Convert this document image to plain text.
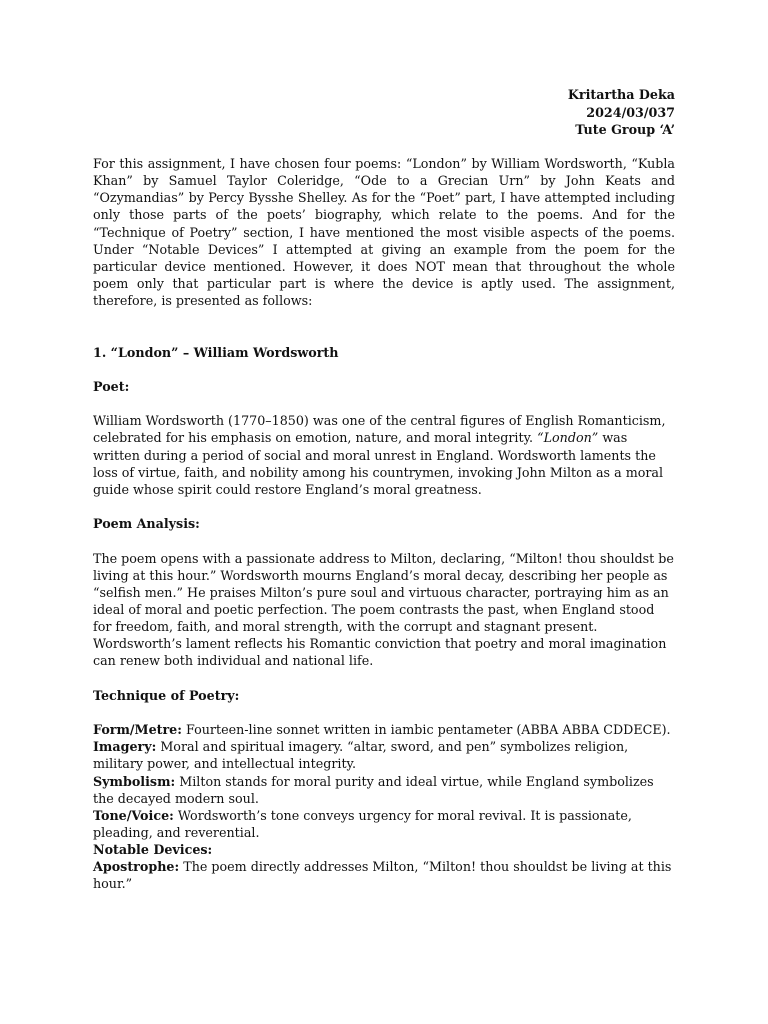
Kritartha Deka
2024/03/037
Tute Group ‘A’

For this assignment, I have chosen four poems: “London” by William Wordsworth, “Kubla Khan” by Samuel Taylor Coleridge, “Ode to a Grecian Urn” by John Keats and “Ozymandias” by Percy Bysshe Shelley. As for the “Poet” part, I have attempted including only those parts of the poets’ biography, which relate to the poems. And for the “Technique of Poetry” section, I have mentioned the most visible aspects of the poems. Under “Notable Devices” I attempted at giving an example from the poem for the particular device mentioned. However, it does NOT mean that throughout the whole poem only that particular part is where the device is aptly used. The assignment, therefore, is presented as follows:

1. “London” – William Wordsworth
Poet:

William Wordsworth (1770–1850) was one of the central figures of English Romanticism, celebrated for his emphasis on emotion, nature, and moral integrity. “London” was written during a period of social and moral unrest in England. Wordsworth laments the loss of virtue, faith, and nobility among his countrymen, invoking John Milton as a moral guide whose spirit could restore England’s moral greatness.

Poem Analysis:

The poem opens with a passionate address to Milton, declaring, “Milton! thou shouldst be living at this hour.” Wordsworth mourns England’s moral decay, describing her people as “selfish men.” He praises Milton’s pure soul and virtuous character, portraying him as an ideal of moral and poetic perfection. The poem contrasts the past, when England stood for freedom, faith, and moral strength, with the corrupt and stagnant present. Wordsworth’s lament reflects his Romantic conviction that poetry and moral imagination can renew both individual and national life.

Technique of Poetry:
Form/Metre: Fourteen-line sonnet written in iambic pentameter (ABBA ABBA CDDECE).
Imagery: Moral and spiritual imagery. “altar, sword, and pen” symbolizes religion, military power, and intellectual integrity.
Symbolism: Milton stands for moral purity and ideal virtue, while England symbolizes the decayed modern soul.
Tone/Voice: Wordsworth’s tone conveys urgency for moral revival. It is passionate, pleading, and reverential.
Notable Devices:
Apostrophe: The poem directly addresses Milton, “Milton! thou shouldst be living at this hour.”
